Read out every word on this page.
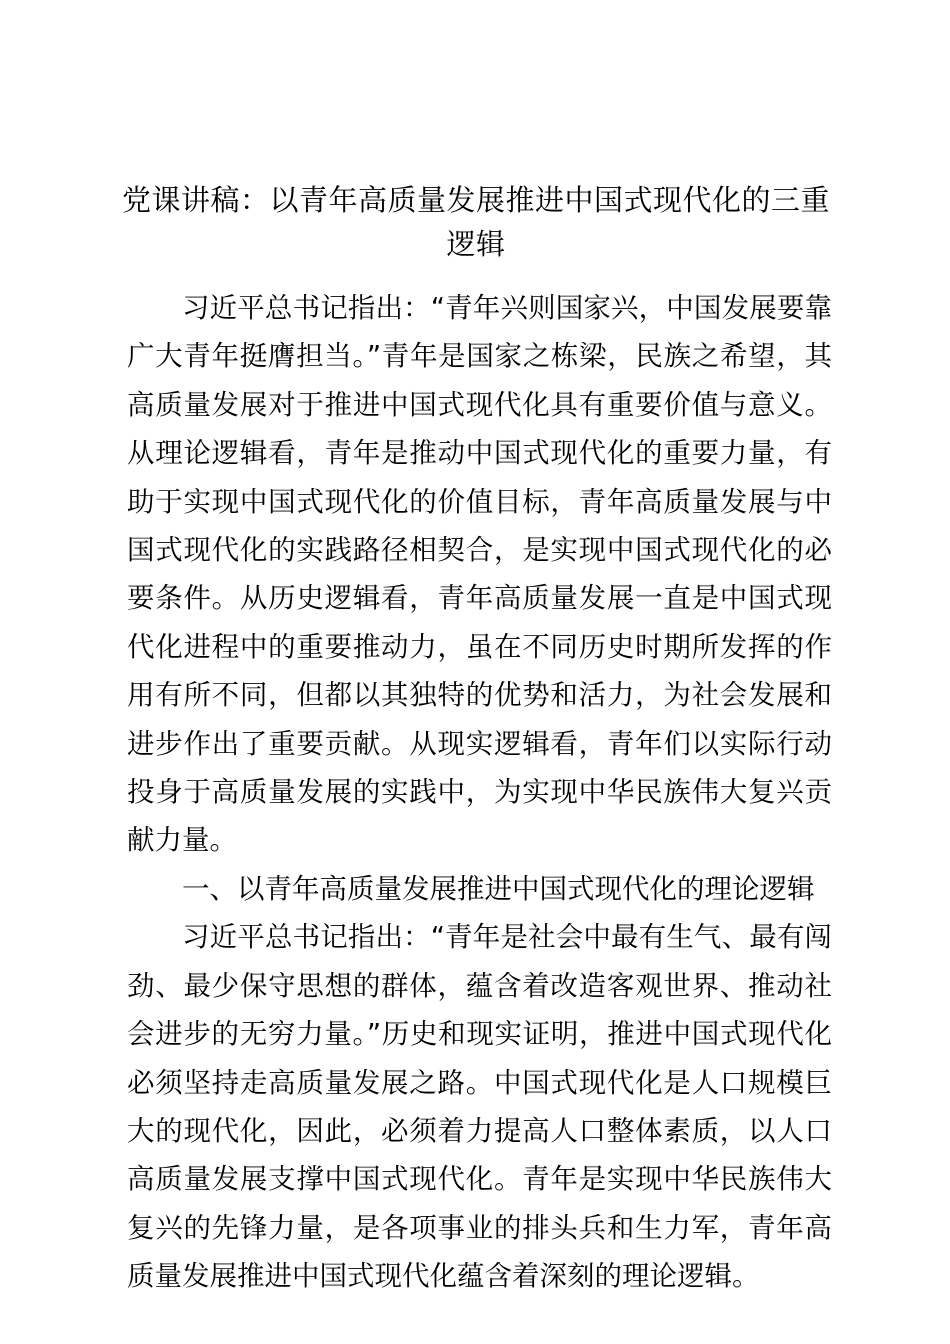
党课讲稿：以青年高质量发展推进中国式现代化的三重逻辑

习近平总书记指出：“青年兴则国家兴，中国发展要靠广大青年挺膺担当。”青年是国家之栋梁，民族之希望，其高质量发展对于推进中国式现代化具有重要价值与意义。从理论逻辑看，青年是推动中国式现代化的重要力量，有助于实现中国式现代化的价值目标，青年高质量发展与中国式现代化的实践路径相契合，是实现中国式现代化的必要条件。从历史逻辑看，青年高质量发展一直是中国式现代化进程中的重要推动力，虽在不同历史时期所发挥的作用有所不同，但都以其独特的优势和活力，为社会发展和进步作出了重要贡献。从现实逻辑看，青年们以实际行动投身于高质量发展的实践中，为实现中华民族伟大复兴贡献力量。

一、以青年高质量发展推进中国式现代化的理论逻辑

习近平总书记指出：“青年是社会中最有生气、最有闯劲、最少保守思想的群体，蕴含着改造客观世界、推动社会进步的无穷力量。”历史和现实证明，推进中国式现代化必须坚持走高质量发展之路。中国式现代化是人口规模巨大的现代化，因此，必须着力提高人口整体素质，以人口高质量发展支撑中国式现代化。青年是实现中华民族伟大复兴的先锋力量，是各项事业的排头兵和生力军，青年高质量发展推进中国式现代化蕴含着深刻的理论逻辑。
